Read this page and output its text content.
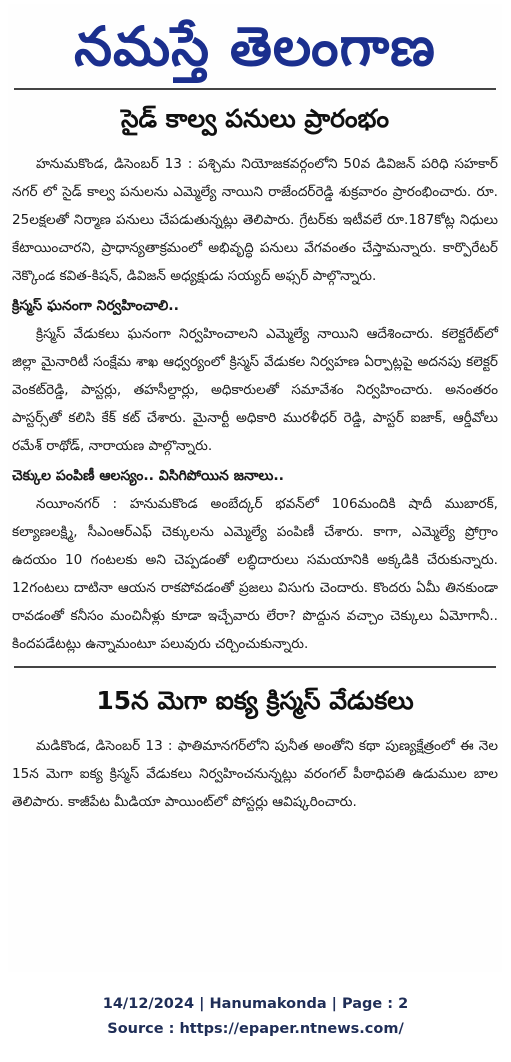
నమస్తే తెలంగాణ
సైడ్ కాల్వ పనులు ప్రారంభం

హనుమకొండ, డిసెంబర్ 13 : పశ్చిమ నియోజకవర్గంలోని 50వ డివిజన్ పరిధి సహకార్ నగర్ లో సైడ్ కాల్వ పనులను ఎమ్మెల్యే నాయిని రాజేందర్‌రెడ్డి శుక్రవారం ప్రారంభించారు. రూ. 25లక్షలతో నిర్మాణ పనులు చేపడుతున్నట్లు తెలిపారు. గ్రేటర్‌కు ఇటీవలే రూ.187కోట్ల నిధులు కేటాయించారని, ప్రాధాన్యతాక్రమంలో అభివృద్ధి పనులు వేగవంతం చేస్తామన్నారు. కార్పొరేటర్ నెక్కొండ కవిత-కిషన్, డివిజన్ అధ్యక్షుడు సయ్యద్ అఫ్సర్ పాల్గొన్నారు.

క్రిస్మస్ ఘనంగా నిర్వహించాలి..

క్రిస్మస్ వేడుకలు ఘనంగా నిర్వహించాలని ఎమ్మెల్యే నాయిని ఆదేశించారు. కలెక్టరేట్‌లో జిల్లా మైనారిటీ సంక్షేమ శాఖ ఆధ్వర్యంలో క్రిస్మస్ వేడుకల నిర్వహణ ఏర్పాట్లపై అదనపు కలెక్టర్ వెంకట్‌రెడ్డి, పాస్టర్లు, తహసీల్దార్లు, అధికారులతో సమావేశం నిర్వహించారు. అనంతరం పాస్టర్స్‌తో కలిసి కేక్ కట్ చేశారు. మైనార్టీ అధికారి మురళీధర్ రెడ్డి, పాస్టర్ ఐజాక్, ఆర్డీవోలు రమేశ్ రాథోడ్, నారాయణ పాల్గొన్నారు.

చెక్కుల పంపిణీ ఆలస్యం.. విసిగిపోయిన జనాలు..

నయీంనగర్ : హనుమకొండ అంబేద్కర్ భవన్‌లో 106మందికి షాదీ ముబారక్, కల్యాణలక్ష్మి, సీఎంఆర్ఎఫ్ చెక్కులను ఎమ్మెల్యే పంపిణీ చేశారు. కాగా, ఎమ్మెల్యే ప్రోగ్రాం ఉదయం 10 గంటలకు అని చెప్పడంతో లబ్ధిదారులు సమయానికి అక్కడికి చేరుకున్నారు. 12గంటలు దాటినా ఆయన రాకపోవడంతో ప్రజలు విసుగు చెందారు. కొందరు ఏమీ తినకుండా రావడంతో కనీసం మంచినీళ్లు కూడా ఇచ్చేవారు లేరా? పొద్దున వచ్చాం చెక్కులు ఏమోగానీ.. కిందపడేటట్లు ఉన్నామంటూ పలువురు చర్చించుకున్నారు.

15న మెగా ఐక్య క్రిస్మస్ వేడుకలు

మడికొండ, డిసెంబర్ 13 : ఫాతిమానగర్‌లోని పునీత అంతోని కథా పుణ్యక్షేత్రంలో ఈ నెల 15న మెగా ఐక్య క్రిస్మస్ వేడుకలు నిర్వహించనున్నట్లు వరంగల్ పీఠాధిపతి ఉడుముల బాల తెలిపారు. కాజీపేట మీడియా పాయింట్‌లో పోస్టర్లు ఆవిష్కరించారు.

14/12/2024 | Hanumakonda | Page : 2
Source : https://epaper.ntnews.com/
